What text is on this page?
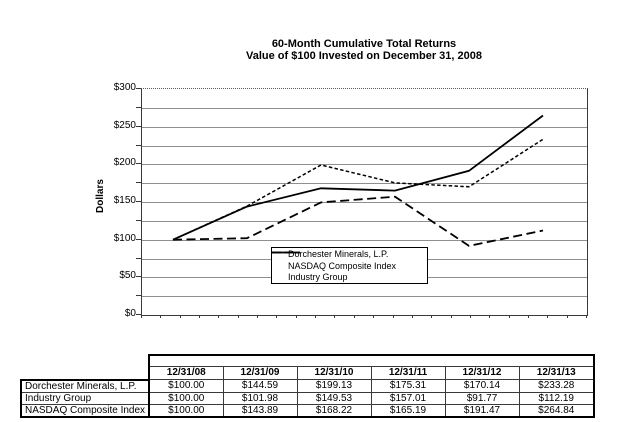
60-Month Cumulative Total Returns
Value of $100 Invested on December 31, 2008
Dollars
$0
$50
$100
$150
$200
$250
$300
Dorchester Minerals, L.P.
NASDAQ Composite Index
Industry Group

	12/31/08	12/31/09	12/31/10	12/31/11	12/31/12	12/31/13
Dorchester Minerals, L.P.	$100.00	$144.59	$199.13	$175.31	$170.14	$233.28
Industry Group	$100.00	$101.98	$149.53	$157.01	$91.77	$112.19
NASDAQ Composite Index	$100.00	$143.89	$168.22	$165.19	$191.47	$264.84
